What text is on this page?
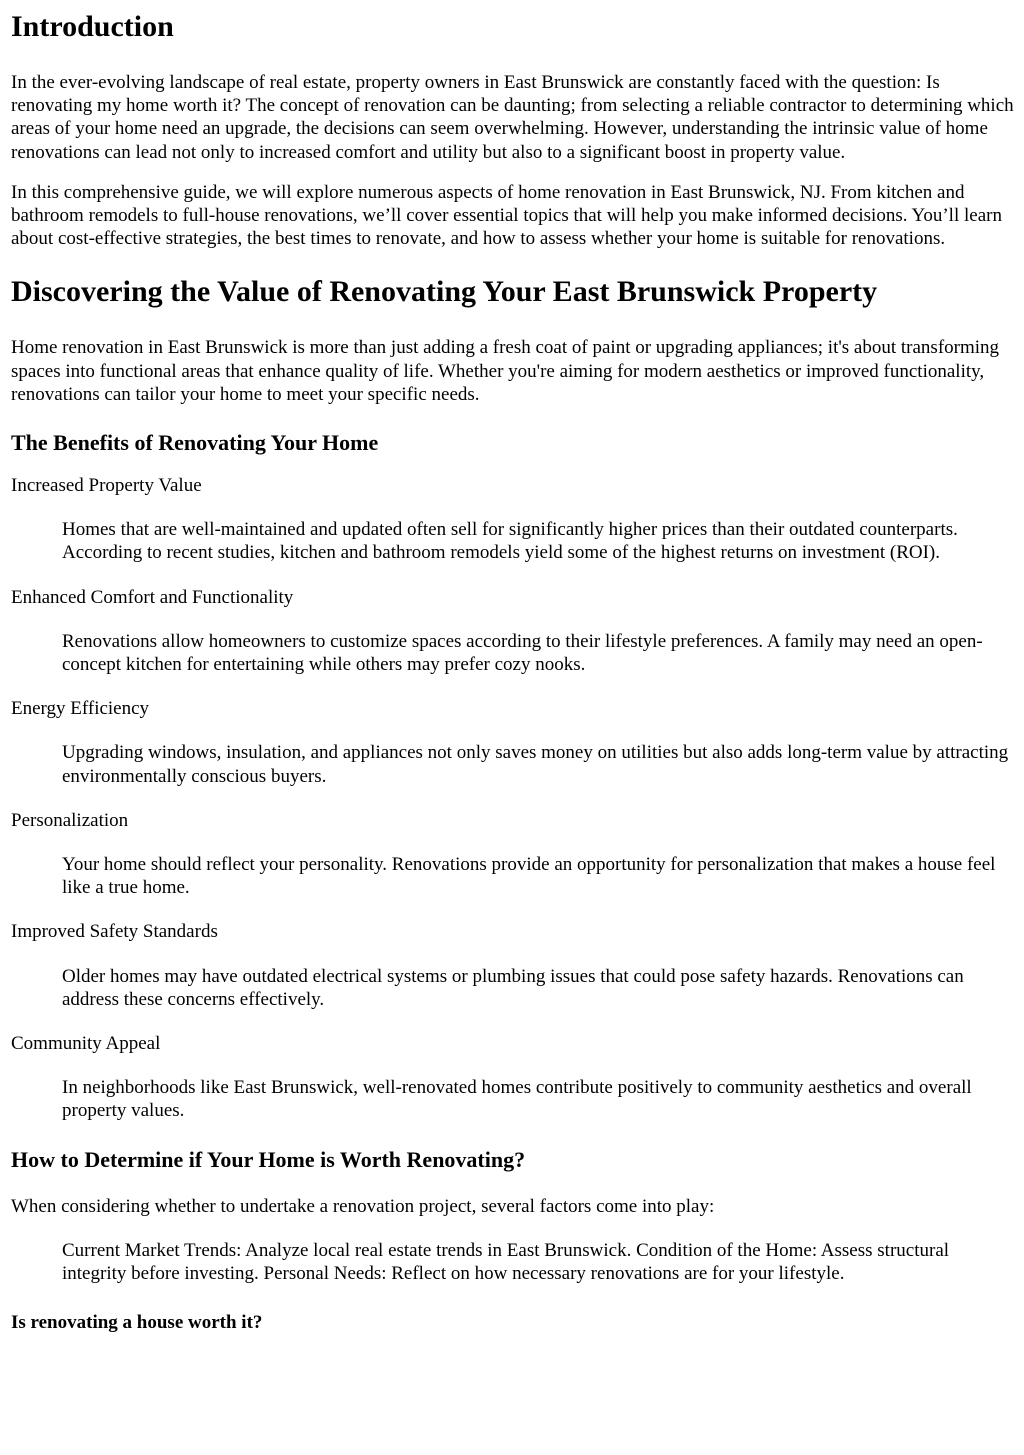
Introduction

In the ever-evolving landscape of real estate, property owners in East Brunswick are constantly faced with the question: Is renovating my home worth it? The concept of renovation can be daunting; from selecting a reliable contractor to determining which areas of your home need an upgrade, the decisions can seem overwhelming. However, understanding the intrinsic value of home renovations can lead not only to increased comfort and utility but also to a significant boost in property value.

In this comprehensive guide, we will explore numerous aspects of home renovation in East Brunswick, NJ. From kitchen and bathroom remodels to full-house renovations, we’ll cover essential topics that will help you make informed decisions. You’ll learn about cost-effective strategies, the best times to renovate, and how to assess whether your home is suitable for renovations.

Discovering the Value of Renovating Your East Brunswick Property

Home renovation in East Brunswick is more than just adding a fresh coat of paint or upgrading appliances; it's about transforming spaces into functional areas that enhance quality of life. Whether you're aiming for modern aesthetics or improved functionality, renovations can tailor your home to meet your specific needs.

The Benefits of Renovating Your Home
Increased Property Value
Homes that are well-maintained and updated often sell for significantly higher prices than their outdated counterparts. According to recent studies, kitchen and bathroom remodels yield some of the highest returns on investment (ROI).
Enhanced Comfort and Functionality
Renovations allow homeowners to customize spaces according to their lifestyle preferences. A family may need an open-concept kitchen for entertaining while others may prefer cozy nooks.
Energy Efficiency
Upgrading windows, insulation, and appliances not only saves money on utilities but also adds long-term value by attracting environmentally conscious buyers.
Personalization
Your home should reflect your personality. Renovations provide an opportunity for personalization that makes a house feel like a true home.
Improved Safety Standards
Older homes may have outdated electrical systems or plumbing issues that could pose safety hazards. Renovations can address these concerns effectively.
Community Appeal
In neighborhoods like East Brunswick, well-renovated homes contribute positively to community aesthetics and overall property values.
How to Determine if Your Home is Worth Renovating?

When considering whether to undertake a renovation project, several factors come into play:

Current Market Trends: Analyze local real estate trends in East Brunswick. Condition of the Home: Assess structural integrity before investing. Personal Needs: Reflect on how necessary renovations are for your lifestyle.

Is renovating a house worth it?
